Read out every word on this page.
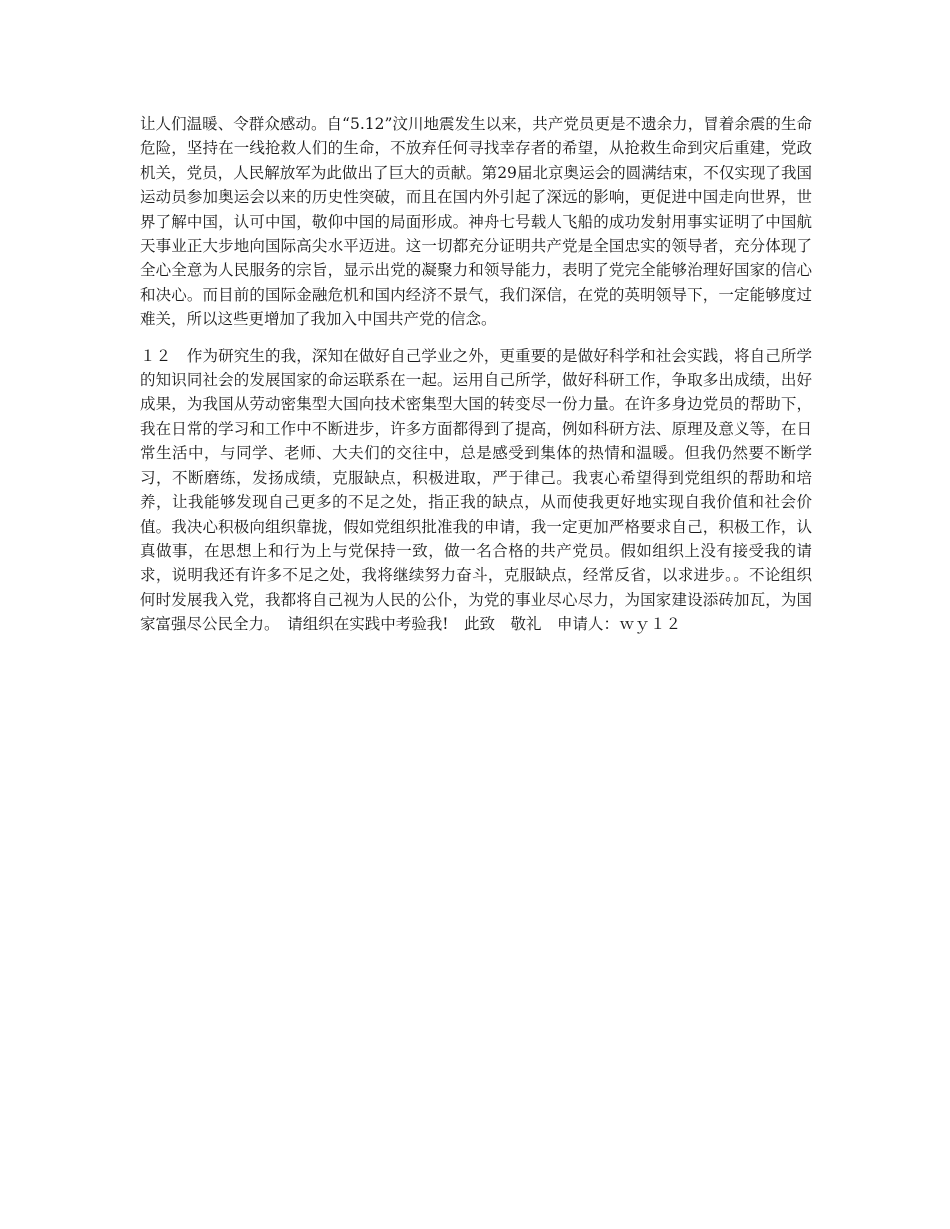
让人们温暖、令群众感动。自“5.12”汶川地震发生以来，共产党员更是不遗余力，冒着余震的生命危险，坚持在一线抢救人们的生命，不放弃任何寻找幸存者的希望，从抢救生命到灾后重建，党政机关，党员，人民解放军为此做出了巨大的贡献。第29届北京奥运会的圆满结束，不仅实现了我国运动员参加奥运会以来的历史性突破，而且在国内外引起了深远的影响，更促进中国走向世界，世界了解中国，认可中国，敬仰中国的局面形成。神舟七号载人飞船的成功发射用事实证明了中国航天事业正大步地向国际高尖水平迈进。这一切都充分证明共产党是全国忠实的领导者，充分体现了全心全意为人民服务的宗旨，显示出党的凝聚力和领导能力，表明了党完全能够治理好国家的信心和决心。而目前的国际金融危机和国内经济不景气，我们深信，在党的英明领导下，一定能够度过难关，所以这些更增加了我加入中国共产党的信念。

１２　作为研究生的我，深知在做好自己学业之外，更重要的是做好科学和社会实践，将自己所学的知识同社会的发展国家的命运联系在一起。运用自己所学，做好科研工作，争取多出成绩，出好成果，为我国从劳动密集型大国向技术密集型大国的转变尽一份力量。在许多身边党员的帮助下，我在日常的学习和工作中不断进步，许多方面都得到了提高，例如科研方法、原理及意义等，在日常生活中，与同学、老师、大夫们的交往中，总是感受到集体的热情和温暖。但我仍然要不断学习，不断磨练，发扬成绩，克服缺点，积极进取，严于律己。我衷心希望得到党组织的帮助和培养，让我能够发现自己更多的不足之处，指正我的缺点，从而使我更好地实现自我价值和社会价值。我决心积极向组织靠拢，假如党组织批准我的申请，我一定更加严格要求自己，积极工作，认真做事，在思想上和行为上与党保持一致，做一名合格的共产党员。假如组织上没有接受我的请求，说明我还有许多不足之处，我将继续努力奋斗，克服缺点，经常反省，以求进步。。不论组织何时发展我入党，我都将自己视为人民的公仆，为党的事业尽心尽力，为国家建设添砖加瓦，为国家富强尽公民全力。　请组织在实践中考验我!　此致　敬礼　申请人：ｗｙ１２
